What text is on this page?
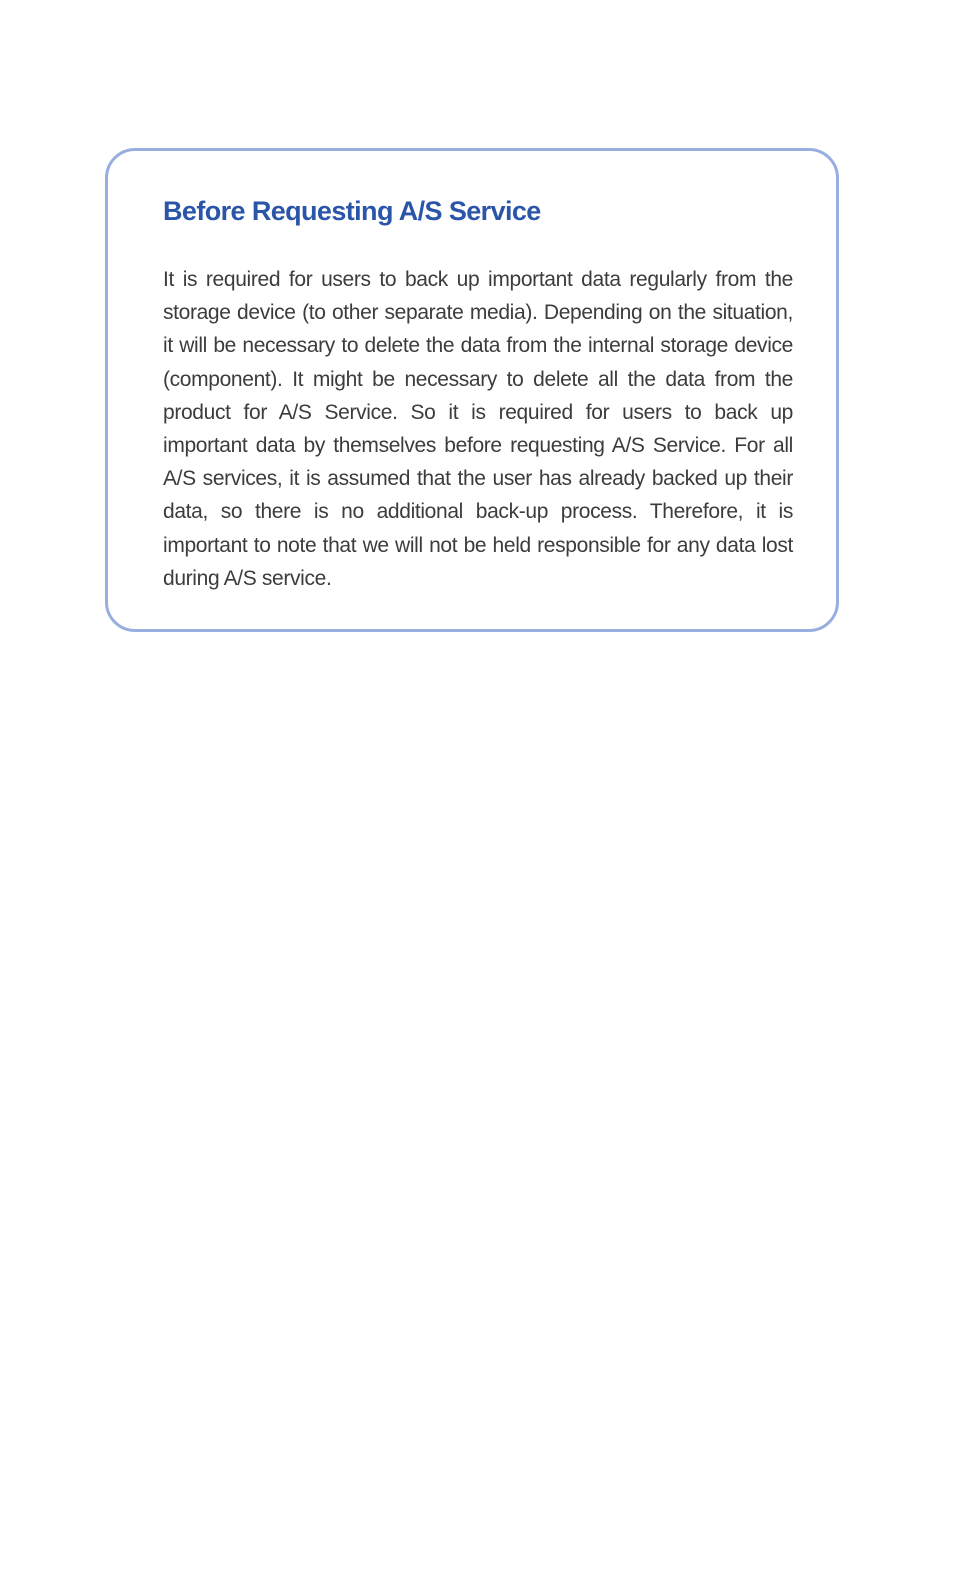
Before Requesting A/S Service

It is required for users to back up important data regularly from the storage device (to other separate media). Depending on the situation, it will be necessary to delete the data from the internal storage device (component). It might be necessary to delete all the data from the product for A/S Service. So it is required for users to back up important data by themselves before requesting A/S Service. For all A/S services, it is assumed that the user has already backed up their data, so there is no additional back-up process. Therefore, it is important to note that we will not be held responsible for any data lost during A/S service.
